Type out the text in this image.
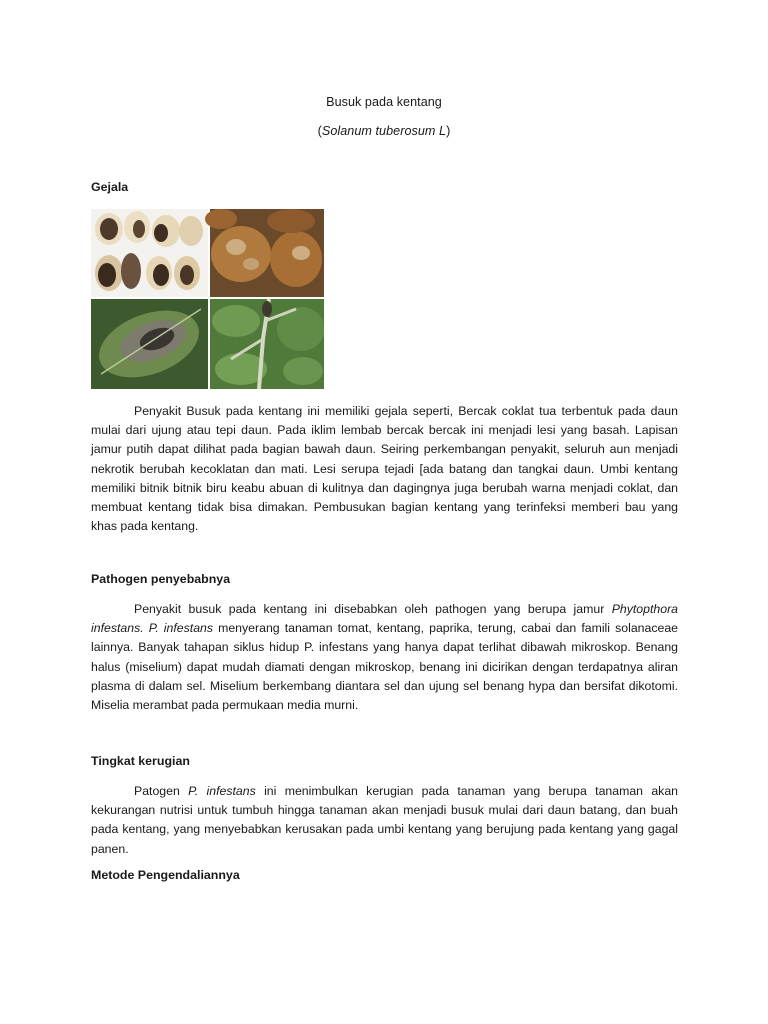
Busuk pada kentang
(Solanum tuberosum L)
Gejala

Penyakit Busuk pada kentang ini memiliki gejala seperti, Bercak coklat tua terbentuk pada daun mulai dari ujung atau tepi daun. Pada iklim lembab bercak bercak ini menjadi lesi yang basah. Lapisan jamur putih dapat dilihat pada bagian bawah daun. Seiring perkembangan penyakit, seluruh aun menjadi nekrotik berubah kecoklatan dan mati. Lesi serupa tejadi [ada batang dan tangkai daun. Umbi kentang memiliki bitnik bitnik biru keabu abuan di kulitnya dan dagingnya juga berubah warna menjadi coklat, dan membuat kentang tidak bisa dimakan. Pembusukan bagian kentang yang terinfeksi memberi bau yang khas pada kentang.

Pathogen penyebabnya

Penyakit busuk pada kentang ini disebabkan oleh pathogen yang berupa jamur Phytopthora infestans. P. infestans menyerang tanaman tomat, kentang, paprika, terung, cabai dan famili solanaceae lainnya. Banyak tahapan siklus hidup P. infestans yang hanya dapat terlihat dibawah mikroskop. Benang halus (miselium) dapat mudah diamati dengan mikroskop, benang ini dicirikan dengan terdapatnya aliran plasma di dalam sel. Miselium berkembang diantara sel dan ujung sel benang hypa dan bersifat dikotomi. Miselia merambat pada permukaan media murni.

Tingkat kerugian

Patogen P. infestans ini menimbulkan kerugian pada tanaman yang berupa tanaman akan kekurangan nutrisi untuk tumbuh hingga tanaman akan menjadi busuk mulai dari daun batang, dan buah pada kentang, yang menyebabkan kerusakan pada umbi kentang yang berujung pada kentang yang gagal panen.

Metode Pengendaliannya
